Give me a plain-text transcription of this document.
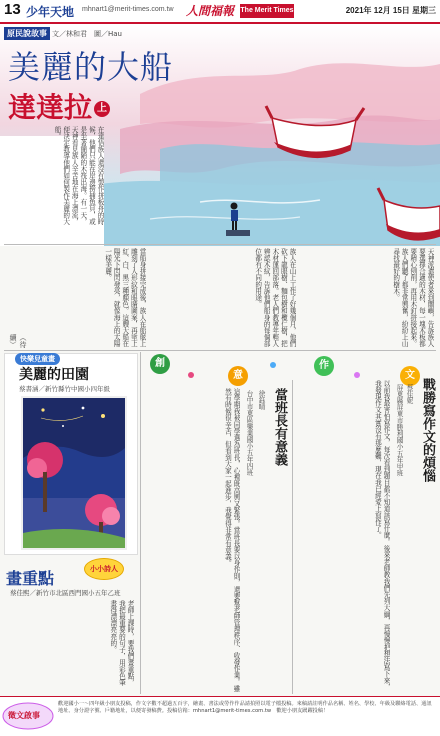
13 少年天地 mhnart1@merit-times.com.tw 人間福報 The Merit Times	2021年 12月 15日 星期三
原民說故事 文／林和君　圖／Hau
美麗的大船
達達拉 上
在達悟族人還沒有製作拼板舟的時候，他們只能在岸邊撈捕魚貝，或是坐著簡陋的木筏出海。有一天，天神看見族人辛苦地在海上漂流，便決定教導他們如何製作美麗的大船。
天神派遣使者來到蘭嶼，告訴族人要選擇合適的木材，每一塊木板都要精心刨削，再用木釘拼接起來。族人們聽了都非常興奮，紛紛上山尋找最好的樹木。
族人在山上工作了好幾個月，他們砍下龍眼樹、麵包樹和欖仁樹，把木材運回部落。老人們教導年輕人辨認木紋，告訴他們船身的每個部位都有不同的用途。
當船身拼接完成後，族人在船舷上雕刻了人形紋和眼睛圖案，再塗上紅、白、黑三種顏色。這艘大船在陽光下閃閃發亮，就像海上的太陽一樣美麗。
（待續）
快樂兒童畫
美麗的田園
蔡書涵／新竹縣竹中國小四年級
畫重點	小小詩人
蔡佳熙／新竹市北區西門國小五年乙班
老師上課時，要我們畫重點，我把最重要的句子，用彩色筆畫得漂漂亮亮的。
創
意
作
文
當班長有意義
徐鈺晴
台中市東區樂業國小五年四班
這學期我被同學選為班長，心裡既高興又緊張。當班長要以身作則，還要幫老師管理秩序、收發作業。雖然有時候很辛苦，但看到大家一起進步，我覺得非常有意義。	戰勝寫作文的煩惱
蔡佳妮
屏東縣屏東市勝利國小五年甲班
以前我最害怕寫作文，每次看到題目都不知道該寫什麼。後來老師教我們先列大綱，再慢慢把想法寫下來，我發現作文其實沒有那麼難，現在我已經愛上寫作了。
徵文啟事
歡迎國小一～四年級小朋友投稿，作文字數不超過五百字，繪畫、書法或勞作作品請拍照以電子檔投稿。來稿請註明作品名稱、姓名、學校、年級及聯絡電話、通訊地址、身分證字號、戶籍地址，以便寄發稿費。投稿信箱：mhnart1@merit-times.com.tw　歡迎小朋友踴躍投稿！
